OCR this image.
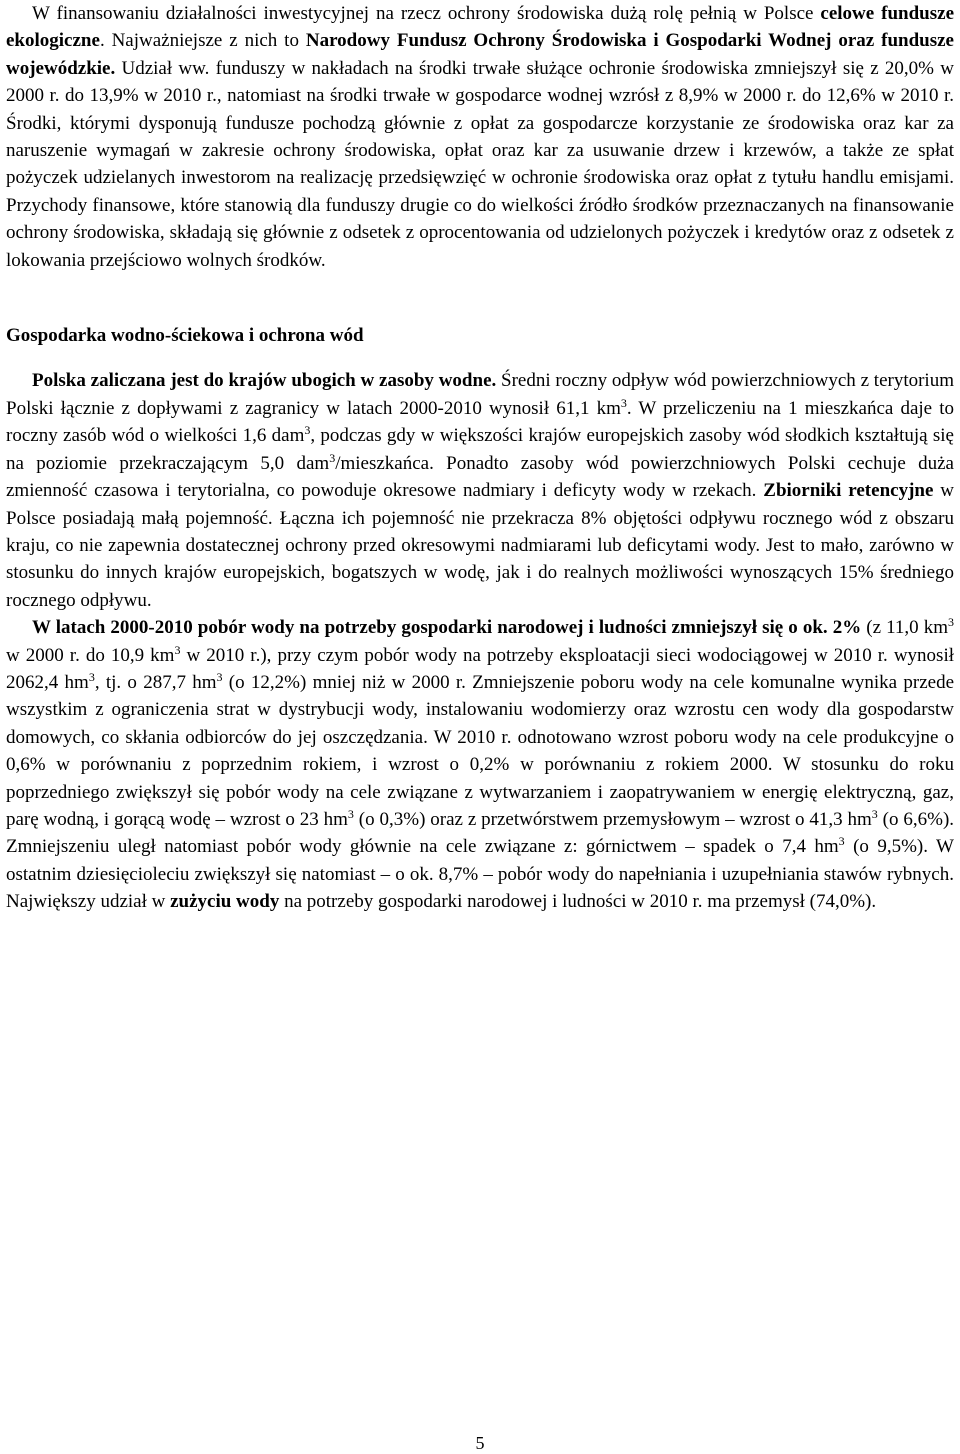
W finansowaniu działalności inwestycyjnej na rzecz ochrony środowiska dużą rolę pełnią w Polsce celowe fundusze ekologiczne. Najważniejsze z nich to Narodowy Fundusz Ochrony Środowiska i Gospodarki Wodnej oraz fundusze wojewódzkie. Udział ww. funduszy w nakładach na środki trwałe służące ochronie środowiska zmniejszył się z 20,0% w 2000 r. do 13,9% w 2010 r., natomiast na środki trwałe w gospodarce wodnej wzrósł z 8,9% w 2000 r. do 12,6% w 2010 r. Środki, którymi dysponują fundusze pochodzą głównie z opłat za gospodarcze korzystanie ze środowiska oraz kar za naruszenie wymagań w zakresie ochrony środowiska, opłat oraz kar za usuwanie drzew i krzewów, a także ze spłat pożyczek udzielanych inwestorom na realizację przedsięwzięć w ochronie środowiska oraz opłat z tytułu handlu emisjami. Przychody finansowe, które stanowią dla funduszy drugie co do wielkości źródło środków przeznaczanych na finansowanie ochrony środowiska, składają się głównie z odsetek z oprocentowania od udzielonych pożyczek i kredytów oraz z odsetek z lokowania przejściowo wolnych środków.

Gospodarka wodno-ściekowa i ochrona wód

Polska zaliczana jest do krajów ubogich w zasoby wodne. Średni roczny odpływ wód powierzchniowych z terytorium Polski łącznie z dopływami z zagranicy w latach 2000-2010 wynosił 61,1 $km^3$. W przeliczeniu na 1 mieszkańca daje to roczny zasób wód o wielkości 1,6 dam$^3$, podczas gdy w większości krajów europejskich zasoby wód słodkich kształtują się na poziomie przekraczającym 5,0 dam$^3$/mieszkańca. Ponadto zasoby wód powierzchniowych Polski cechuje duża zmienność czasowa i terytorialna, co powoduje okresowe nadmiary i deficyty wody w rzekach. Zbiorniki retencyjne w Polsce posiadają małą pojemność. Łączna ich pojemność nie przekracza 8% objętości odpływu rocznego wód z obszaru kraju, co nie zapewnia dostatecznej ochrony przed okresowymi nadmiarami lub deficytami wody. Jest to mało, zarówno w stosunku do innych krajów europejskich, bogatszych w wodę, jak i do realnych możliwości wynoszących 15% średniego rocznego odpływu.

W latach 2000-2010 pobór wody na potrzeby gospodarki narodowej i ludności zmniejszył się o ok. 2% (z 11,0 $km^3$ w 2000 r. do 10,9 $km^3$ w 2010 r.), przy czym pobór wody na potrzeby eksploatacji sieci wodociągowej w 2010 r. wynosił 2062,4 $hm^3$, tj. o 287,7 $hm^3$ (o 12,2%) mniej niż w 2000 r. Zmniejszenie poboru wody na cele komunalne wynika przede wszystkim z ograniczenia strat w dystrybucji wody, instalowaniu wodomierzy oraz wzrostu cen wody dla gospodarstw domowych, co skłania odbiorców do jej oszczędzania. W 2010 r. odnotowano wzrost poboru wody na cele produkcyjne o 0,6% w porównaniu z poprzednim rokiem, i wzrost o 0,2% w porównaniu z rokiem 2000. W stosunku do roku poprzedniego zwiększył się pobór wody na cele związane z wytwarzaniem i zaopatrywaniem w energię elektryczną, gaz, parę wodną, i gorącą wodę – wzrost o 23 $hm^3$ (o 0,3%) oraz z przetwórstwem przemysłowym – wzrost o 41,3 $hm^3$ (o 6,6%). Zmniejszeniu uległ natomiast pobór wody głównie na cele związane z: górnictwem – spadek o 7,4 $hm^3$ (o 9,5%). W ostatnim dziesięcioleciu zwiększył się natomiast – o ok. 8,7% – pobór wody do napełniania i uzupełniania stawów rybnych. Największy udział w zużyciu wody na potrzeby gospodarki narodowej i ludności w 2010 r. ma przemysł (74,0%).

5
